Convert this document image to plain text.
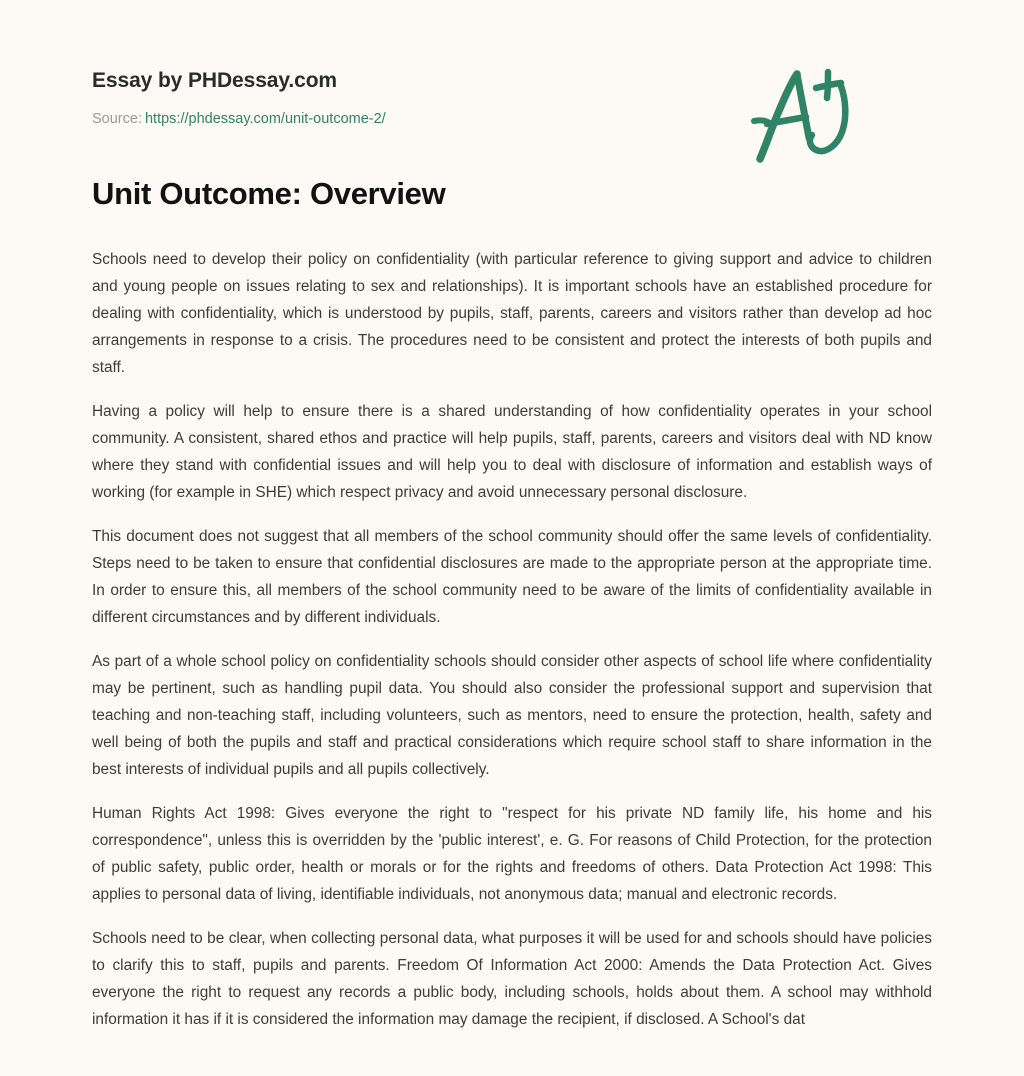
Essay by PHDessay.com
Source: https://phdessay.com/unit-outcome-2/
Unit Outcome: Overview

Schools need to develop their policy on confidentiality (with particular reference to giving support and advice to children and young people on issues relating to sex and relationships). It is important schools have an established procedure for dealing with confidentiality, which is understood by pupils, staff, parents, careers and visitors rather than develop ad hoc arrangements in response to a crisis. The procedures need to be consistent and protect the interests of both pupils and staff.

Having a policy will help to ensure there is a shared understanding of how confidentiality operates in your school community. A consistent, shared ethos and practice will help pupils, staff, parents, careers and visitors deal with ND know where they stand with confidential issues and will help you to deal with disclosure of information and establish ways of working (for example in SHE) which respect privacy and avoid unnecessary personal disclosure.

This document does not suggest that all members of the school community should offer the same levels of confidentiality. Steps need to be taken to ensure that confidential disclosures are made to the appropriate person at the appropriate time. In order to ensure this, all members of the school community need to be aware of the limits of confidentiality available in different circumstances and by different individuals.

As part of a whole school policy on confidentiality schools should consider other aspects of school life where confidentiality may be pertinent, such as handling pupil data. You should also consider the professional support and supervision that teaching and non-teaching staff, including volunteers, such as mentors, need to ensure the protection, health, safety and well being of both the pupils and staff and practical considerations which require school staff to share information in the best interests of individual pupils and all pupils collectively.

Human Rights Act 1998: Gives everyone the right to "respect for his private ND family life, his home and his correspondence", unless this is overridden by the 'public interest', e. G. For reasons of Child Protection, for the protection of public safety, public order, health or morals or for the rights and freedoms of others. Data Protection Act 1998: This applies to personal data of living, identifiable individuals, not anonymous data; manual and electronic records.

Schools need to be clear, when collecting personal data, what purposes it will be used for and schools should have policies to clarify this to staff, pupils and parents. Freedom Of Information Act 2000: Amends the Data Protection Act. Gives everyone the right to request any records a public body, including schools, holds about them. A school may withhold information it has if it is considered the information may damage the recipient, if disclosed. A School's dat
